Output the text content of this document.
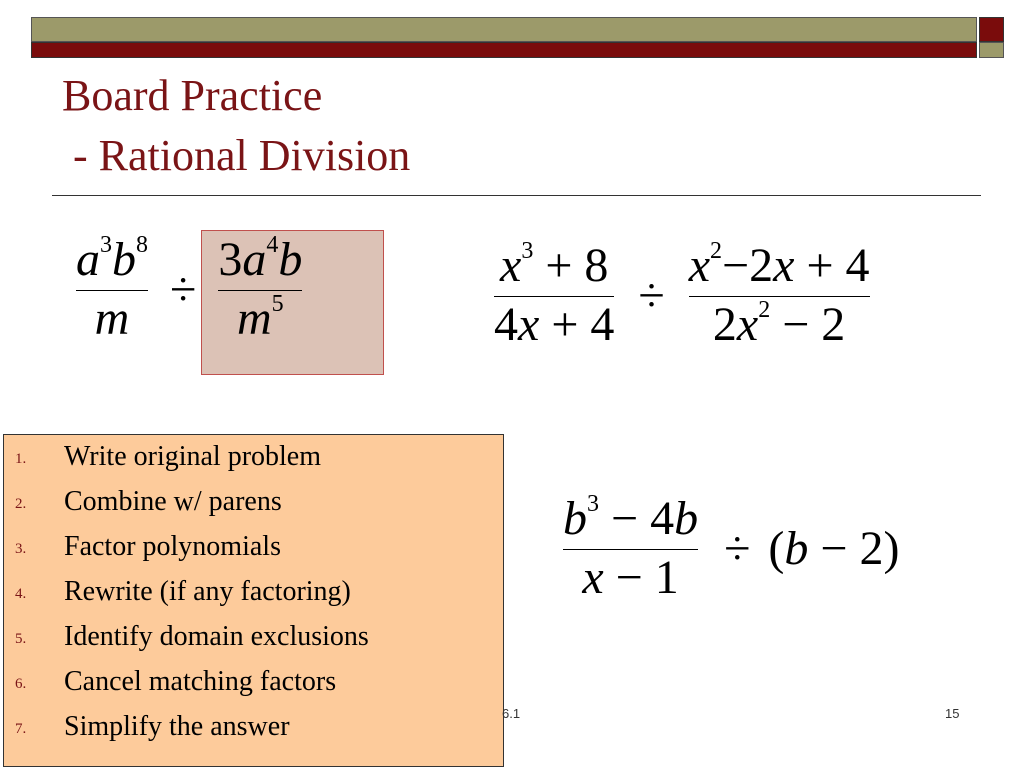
Board Practice
- Rational Division
$\frac{a^3b^8}{m} \div \frac{3a^4b}{m^5}$	$\frac{x^3 + 8}{4x + 4} \div \frac{x^2-2x + 4}{2x^2 - 2}$
$\frac{b^3 - 4b}{x - 1} \div (b - 2)$
1. Write original problem
2. Combine w/ parens
3. Factor polynomials
4. Rewrite (if any factoring)
5. Identify domain exclusions
6. Cancel matching factors
7. Simplify the answer	6.1	15
